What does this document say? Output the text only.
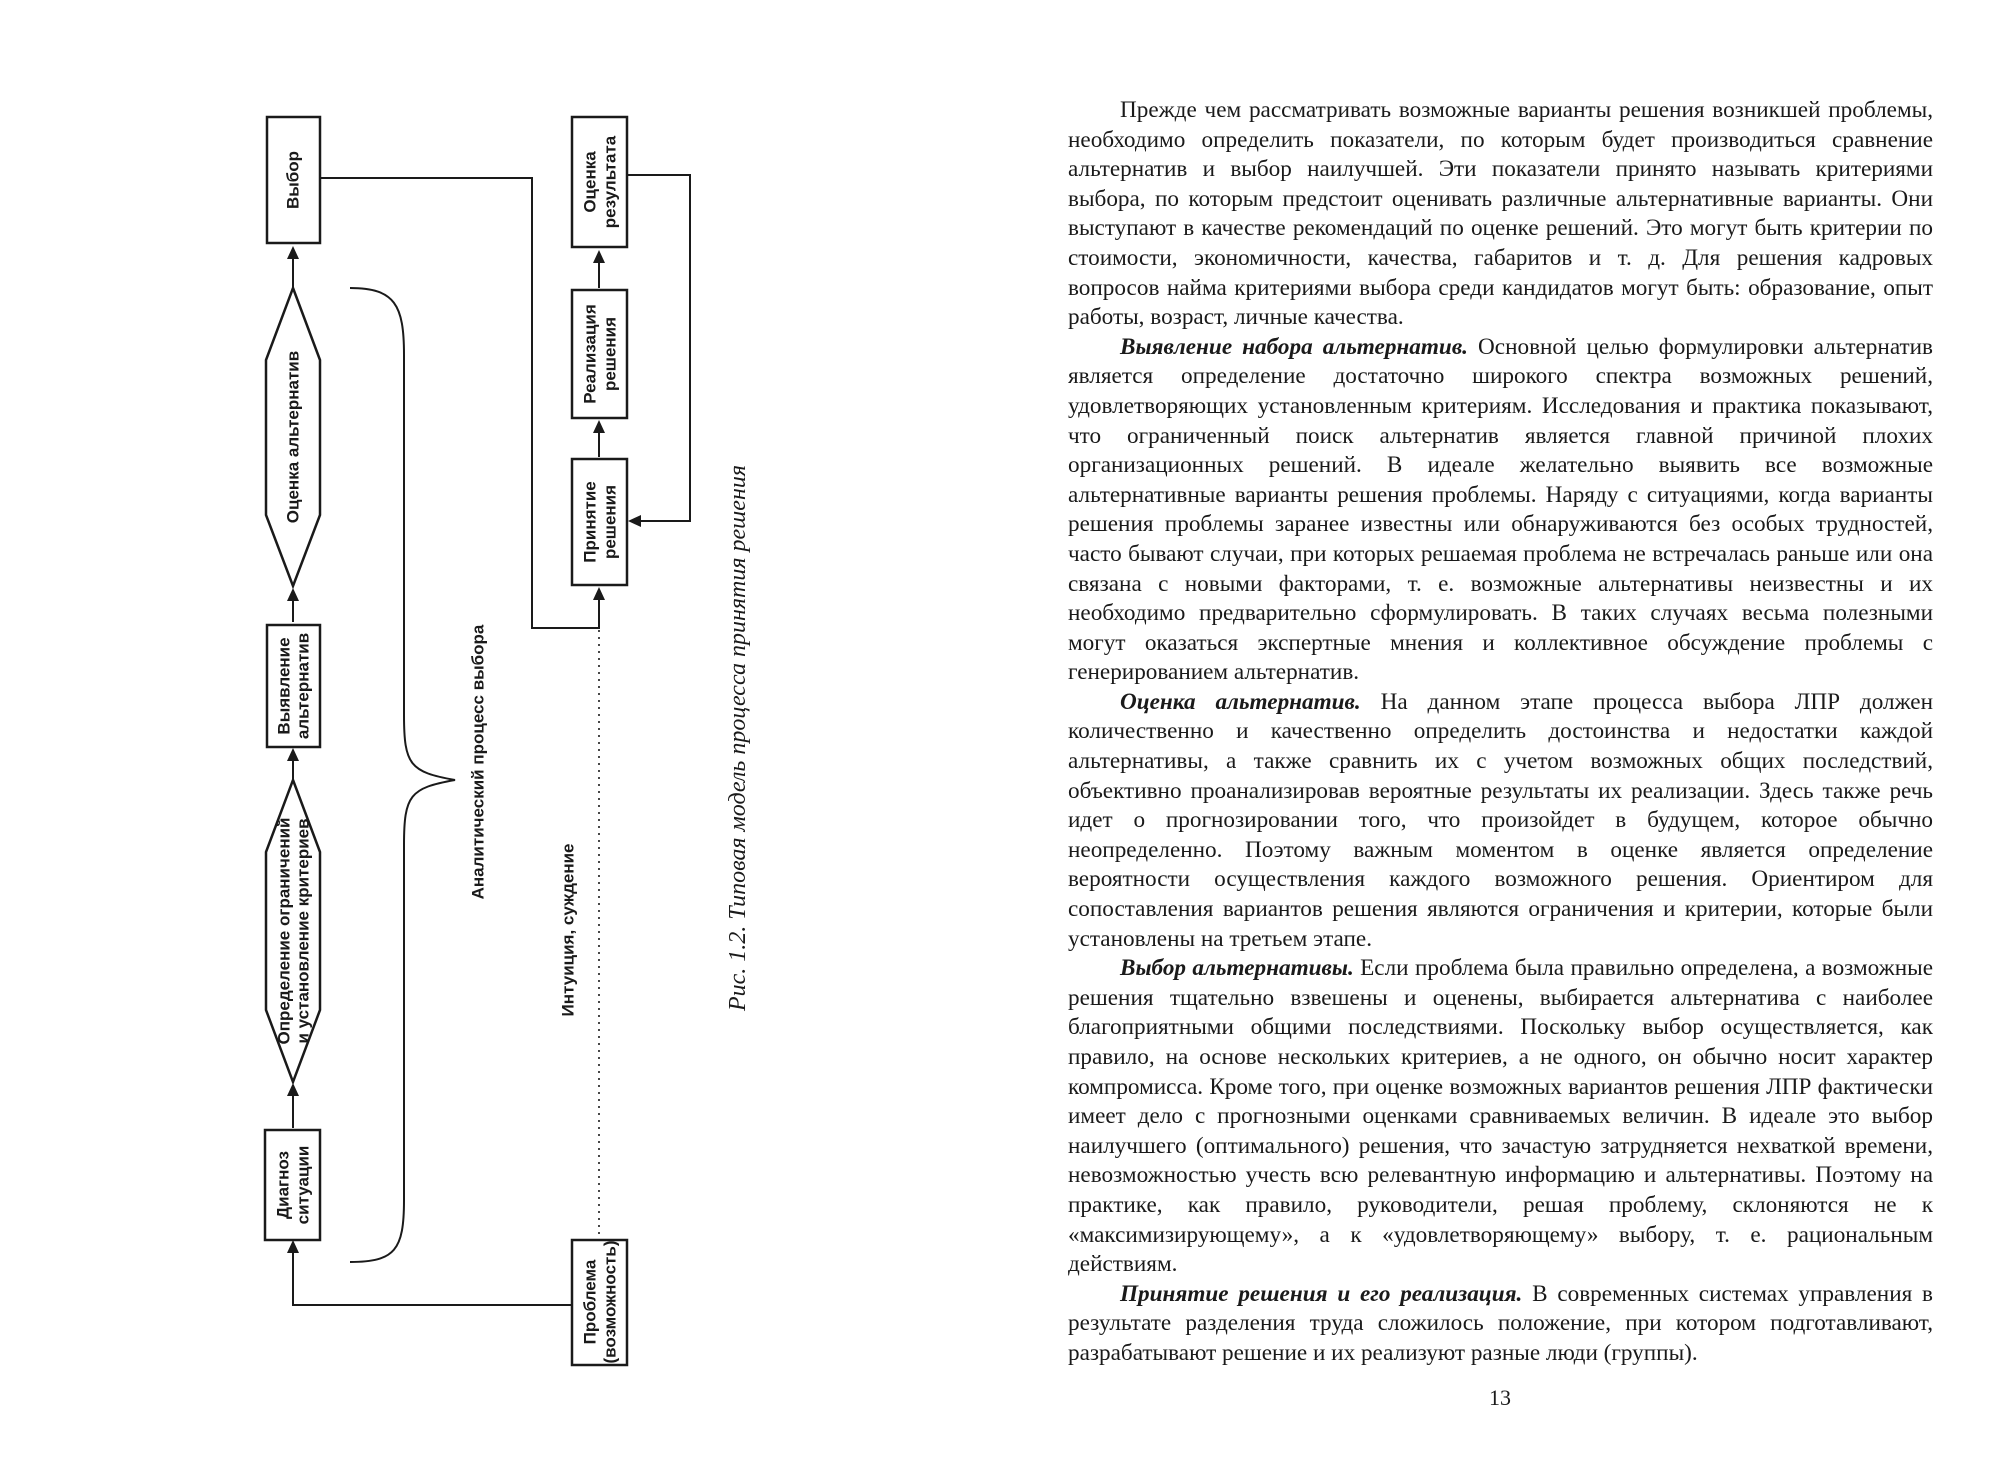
Выбор	Оценка результата
Оценка альтернатив	Реализация решения
Принятие решения
Выявление альтернатив
Определение ограничений и установление критериев
Диагноз ситуации
Проблема (возможность)
Аналитический процесс выбора
Интуиция, суждение	Рис. 1.2. Типовая модель процесса принятия решения

Прежде чем рассматривать возможные варианты решения возникшей проблемы, необходимо определить показатели, по которым будет производиться сравнение альтернатив и выбор наилучшей. Эти показатели принято называть критериями выбора, по которым предстоит оценивать различные альтернативные варианты. Они выступают в качестве рекомендаций по оценке решений. Это могут быть критерии по стоимости, экономичности, качества, габаритов и т. д. Для решения кадровых вопросов найма критериями выбора среди кандидатов могут быть: образование, опыт работы, возраст, личные качества.

Выявление набора альтернатив. Основной целью формулировки альтернатив является определение достаточно широкого спектра возможных решений, удовлетворяющих установленным критериям. Исследования и практика показывают, что ограниченный поиск альтернатив является главной причиной плохих организационных решений. В идеале желательно выявить все возможные альтернативные варианты решения проблемы. Наряду с ситуациями, когда варианты решения проблемы заранее известны или обнаруживаются без особых трудностей, часто бывают случаи, при которых решаемая проблема не встречалась раньше или она связана с новыми факторами, т. е. возможные альтернативы неизвестны и их необходимо предварительно сформулировать. В таких случаях весьма полезными могут оказаться экспертные мнения и коллективное обсуждение проблемы с генерированием альтернатив.

Оценка альтернатив. На данном этапе процесса выбора ЛПР должен количественно и качественно определить достоинства и недостатки каждой альтернативы, а также сравнить их с учетом возможных общих последствий, объективно проанализировав вероятные результаты их реализации. Здесь также речь идет о прогнозировании того, что произойдет в будущем, которое обычно неопределенно. Поэтому важным моментом в оценке является определение вероятности осуществления каждого возможного решения. Ориентиром для сопоставления вариантов решения являются ограничения и критерии, которые были установлены на третьем этапе.

Выбор альтернативы. Если проблема была правильно определена, а возможные решения тщательно взвешены и оценены, выбирается альтернатива с наиболее благоприятными общими последствиями. Поскольку выбор осуществляется, как правило, на основе нескольких критериев, а не одного, он обычно носит характер компромисса. Кроме того, при оценке возможных вариантов решения ЛПР фактически имеет дело с прогнозными оценками сравниваемых величин. В идеале это выбор наилучшего (оптимального) решения, что зачастую затрудняется нехваткой времени, невозможностью учесть всю релевантную информацию и альтернативы. Поэтому на практике, как правило, руководители, решая проблему, склоняются не к «максимизирующему», а к «удовлетворяющему» выбору, т. е. рациональным действиям.

Принятие решения и его реализация. В современных системах управления в результате разделения труда сложилось положение, при котором подготавливают, разрабатывают решение и их реализуют разные люди (группы).

13
